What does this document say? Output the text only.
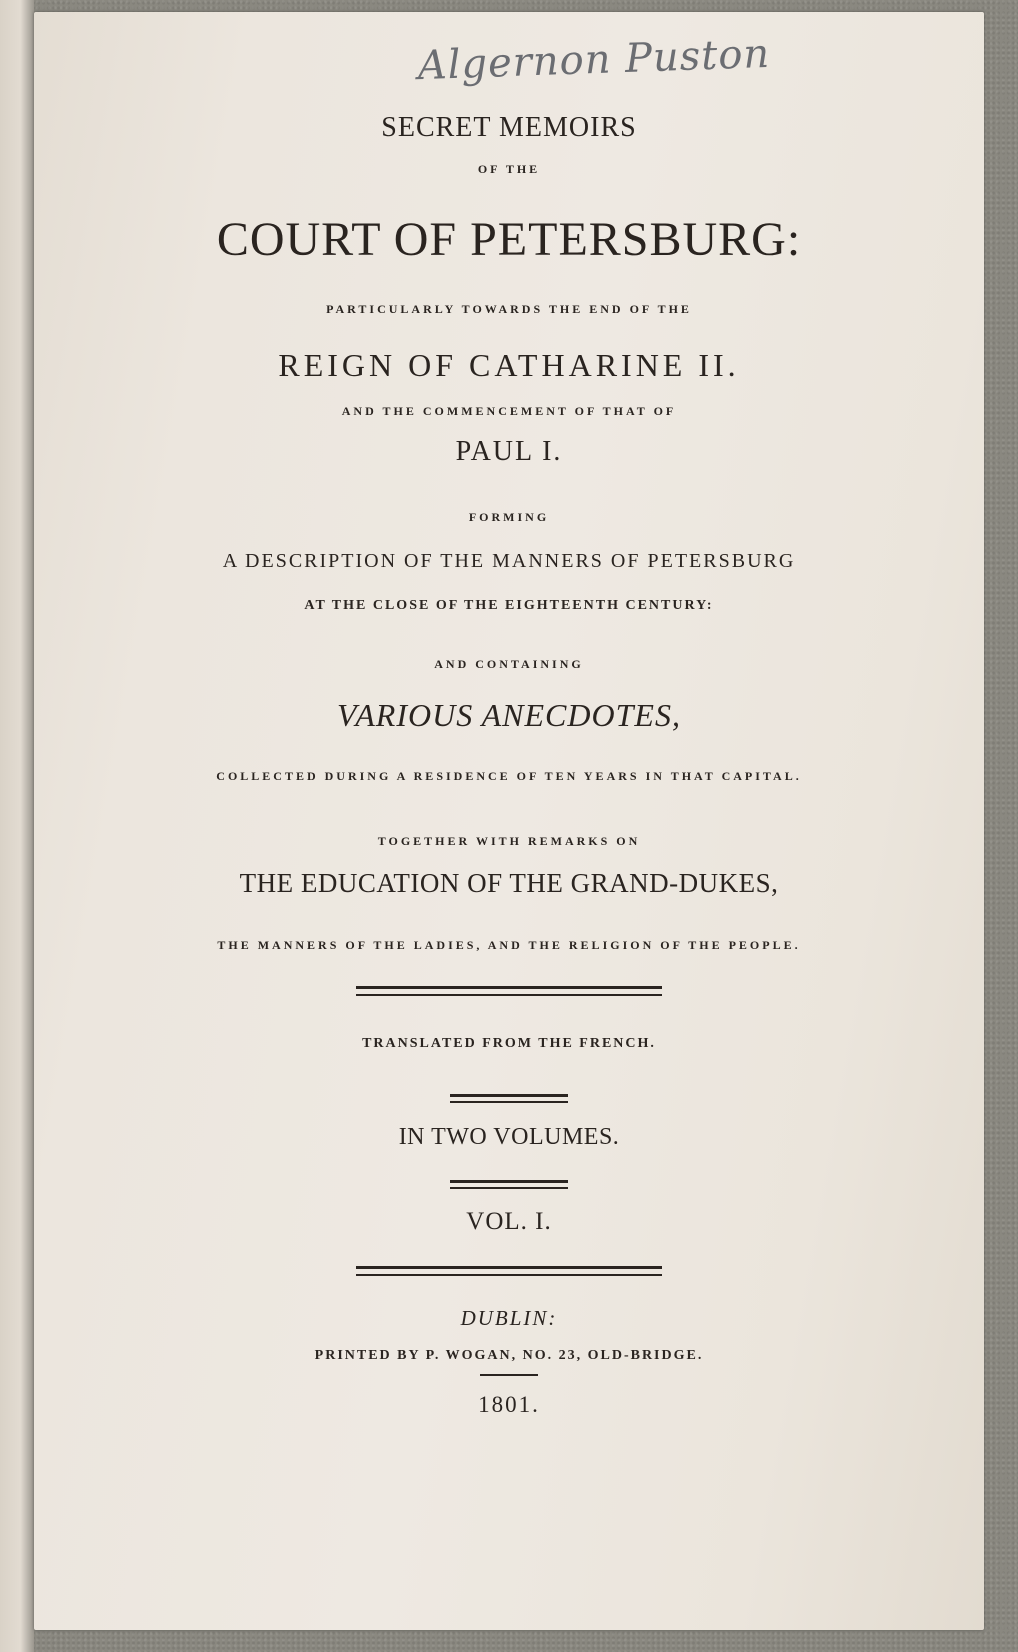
Algernon Puston
SECRET MEMOIRS
OF THE
COURT OF PETERSBURG:
PARTICULARLY TOWARDS THE END OF THE
REIGN OF CATHARINE II.
AND THE COMMENCEMENT OF THAT OF
PAUL I.
FORMING
A DESCRIPTION OF THE MANNERS OF PETERSBURG
AT THE CLOSE OF THE EIGHTEENTH CENTURY:
AND CONTAINING
VARIOUS ANECDOTES,
COLLECTED DURING A RESIDENCE OF TEN YEARS IN THAT CAPITAL.
TOGETHER WITH REMARKS ON
THE EDUCATION OF THE GRAND-DUKES,
THE MANNERS OF THE LADIES, AND THE RELIGION OF THE PEOPLE.
TRANSLATED FROM THE FRENCH.
IN TWO VOLUMES.
VOL. I.
DUBLIN:
PRINTED BY P. WOGAN, NO. 23, OLD-BRIDGE.
1801.
